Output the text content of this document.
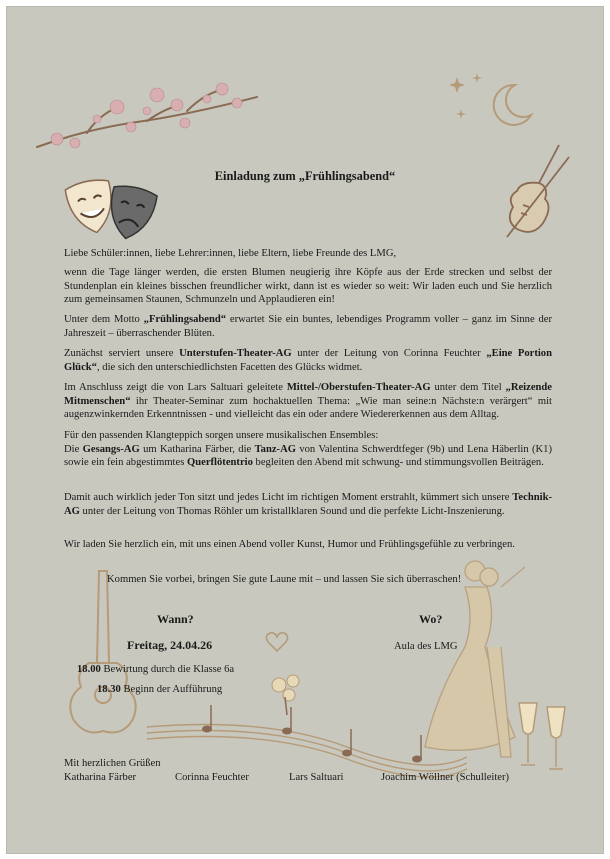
Einladung zum „Frühlingsabend“
Liebe Schüler:innen, liebe Lehrer:innen, liebe Eltern, liebe Freunde des LMG,
wenn die Tage länger werden, die ersten Blumen neugierig ihre Köpfe aus der Erde strecken und selbst der Stundenplan ein kleines bisschen freundlicher wirkt, dann ist es wieder so weit: Wir laden euch und Sie herzlich zum gemeinsamen Staunen, Schmunzeln und Applaudieren ein!
Unter dem Motto „Frühlingsabend“ erwartet Sie ein buntes, lebendiges Programm voller – ganz im Sinne der Jahreszeit – überraschender Blüten.
Zunächst serviert unsere Unterstufen-Theater-AG unter der Leitung von Corinna Feuchter „Eine Portion Glück“, die sich den unterschiedlichsten Facetten des Glücks widmet.
Im Anschluss zeigt die von Lars Saltuari geleitete Mittel-/Oberstufen-Theater-AG unter dem Titel „Reizende Mitmenschen“ ihr Theater-Seminar zum hochaktuellen Thema: „Wie man seine:n Nächste:n verärgert“ mit augenzwinkernden Erkenntnissen - und vielleicht das ein oder andere Wiedererkennen aus dem Alltag.
Für den passenden Klangteppich sorgen unsere musikalischen Ensembles:
Die Gesangs-AG um Katharina Färber, die Tanz-AG von Valentina Schwerdtfeger (9b) und Lena Häberlin (K1) sowie ein fein abgestimmtes Querflötentrio begleiten den Abend mit schwung- und stimmungsvollen Beiträgen.
Damit auch wirklich jeder Ton sitzt und jedes Licht im richtigen Moment erstrahlt, kümmert sich unsere Technik-AG unter der Leitung von Thomas Röhler um kristallklaren Sound und die perfekte Licht-Inszenierung.
Wir laden Sie herzlich ein, mit uns einen Abend voller Kunst, Humor und Frühlingsgefühle zu verbringen.
Kommen Sie vorbei, bringen Sie gute Laune mit – und lassen Sie sich überraschen!
Wann?
Freitag, 24.04.26
18.00 Bewirtung durch die Klasse 6a
18.30 Beginn der Aufführung
Wo?
Aula des LMG
Mit herzlichen Grüßen
Katharina Färber	Corinna Feuchter	Lars Saltuari	Joachim Wöllner (Schulleiter)
